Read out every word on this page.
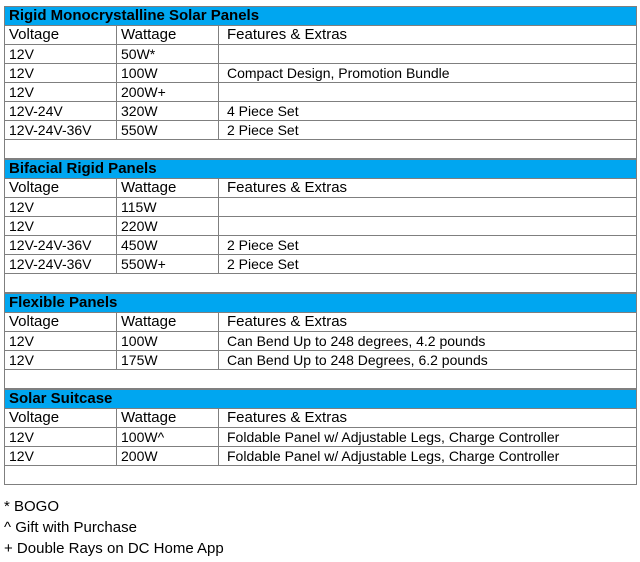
Rigid Monocrystalline Solar Panels		
Voltage	Wattage	Features & Extras
12V	50W*	
12V	100W	Compact Design, Promotion Bundle
12V	200W+	
12V-24V	320W	4 Piece Set
12V-24V-36V	550W	2 Piece Set

Bifacial Rigid Panels		
Voltage	Wattage	Features & Extras
12V	115W	
12V	220W	
12V-24V-36V	450W	2 Piece Set
12V-24V-36V	550W+	2 Piece Set

Flexible Panels		
Voltage	Wattage	Features & Extras
12V	100W	Can Bend Up to 248 degrees, 4.2 pounds
12V	175W	Can Bend Up to 248 Degrees, 6.2 pounds

Solar Suitcase		
Voltage	Wattage	Features & Extras
12V	100W^	Foldable Panel w/ Adjustable Legs, Charge Controller
12V	200W	Foldable Panel w/ Adjustable Legs, Charge Controller

* BOGO
^ Gift with Purchase
+ Double Rays on DC Home App
